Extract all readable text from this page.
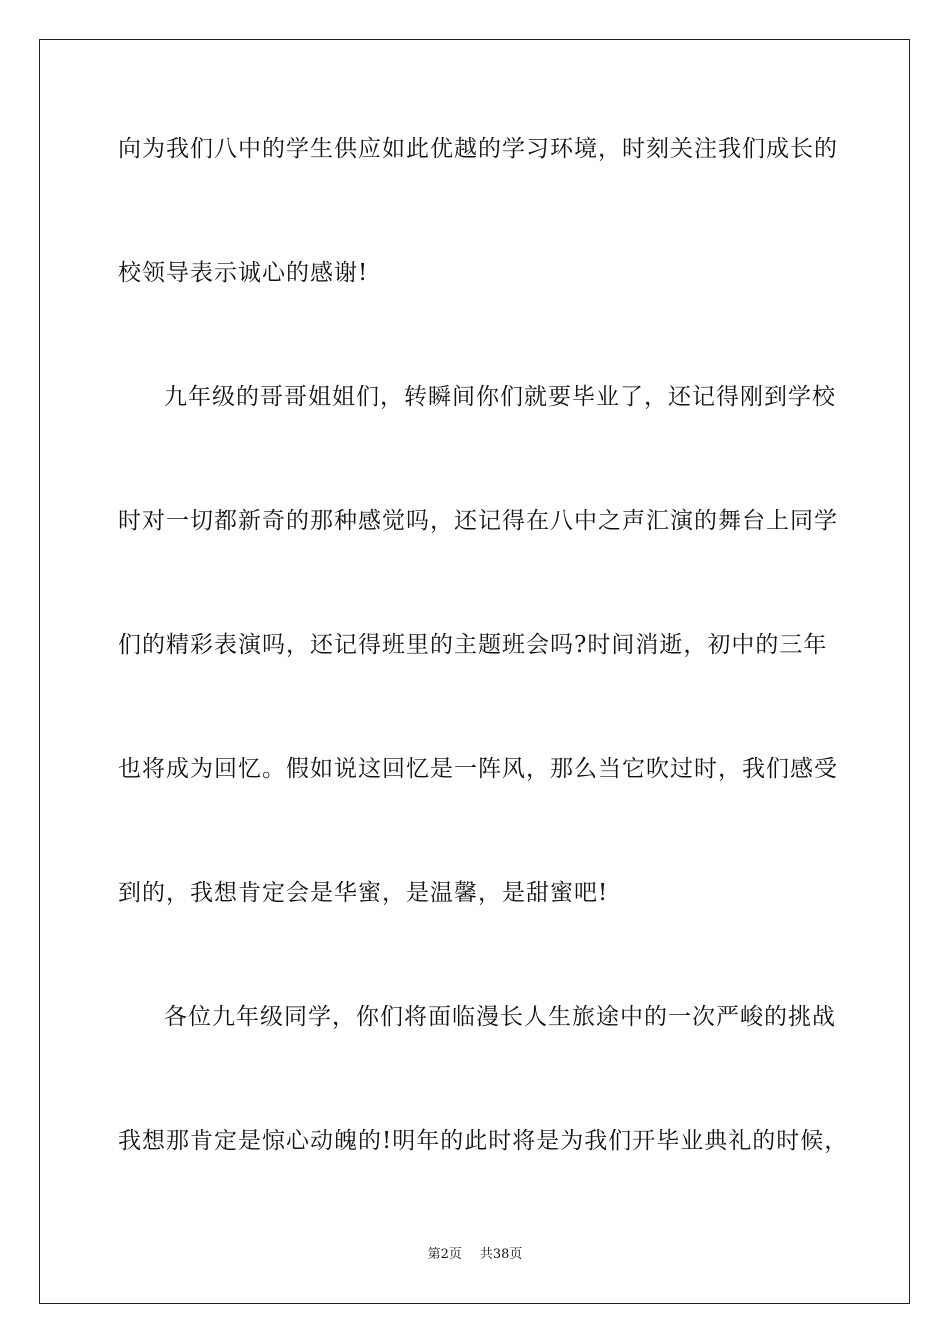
向为我们八中的学生供应如此优越的学习环境，时刻关注我们成长的
校领导表示诚心的感谢!
九年级的哥哥姐姐们，转瞬间你们就要毕业了，还记得刚到学校
时对一切都新奇的那种感觉吗，还记得在八中之声汇演的舞台上同学
们的精彩表演吗，还记得班里的主题班会吗?时间消逝，初中的三年
也将成为回忆。假如说这回忆是一阵风，那么当它吹过时，我们感受
到的，我想肯定会是华蜜，是温馨，是甜蜜吧!
各位九年级同学，你们将面临漫长人生旅途中的一次严峻的挑战
我想那肯定是惊心动魄的!明年的此时将是为我们开毕业典礼的时候，
第2页 共38页
